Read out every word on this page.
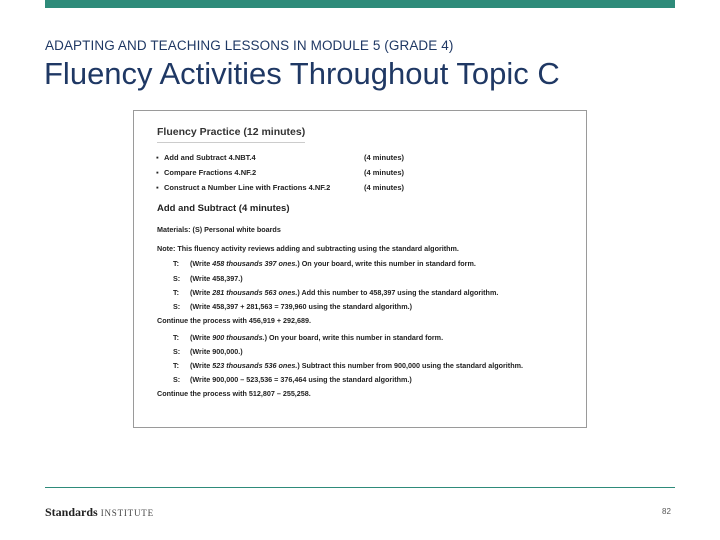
ADAPTING AND TEACHING LESSONS IN MODULE 5 (GRADE 4)
Fluency Activities Throughout Topic C
Fluency Practice (12 minutes)
▪ Add and Subtract 4.NBT.4	(4 minutes)
▪ Compare Fractions 4.NF.2	(4 minutes)
▪ Construct a Number Line with Fractions 4.NF.2	(4 minutes)
Add and Subtract (4 minutes)
Materials: (S) Personal white boards
Note: This fluency activity reviews adding and subtracting using the standard algorithm.
T: (Write 458 thousands 397 ones.) On your board, write this number in standard form.
S: (Write 458,397.)
T: (Write 281 thousands 563 ones.) Add this number to 458,397 using the standard algorithm.
S: (Write 458,397 + 281,563 = 739,960 using the standard algorithm.)
Continue the process with 456,919 + 292,689.
T: (Write 900 thousands.) On your board, write this number in standard form.
S: (Write 900,000.)
T: (Write 523 thousands 536 ones.) Subtract this number from 900,000 using the standard algorithm.
S: (Write 900,000 – 523,536 = 376,464 using the standard algorithm.)
Continue the process with 512,807 – 255,258.
Standards INSTITUTE	82
